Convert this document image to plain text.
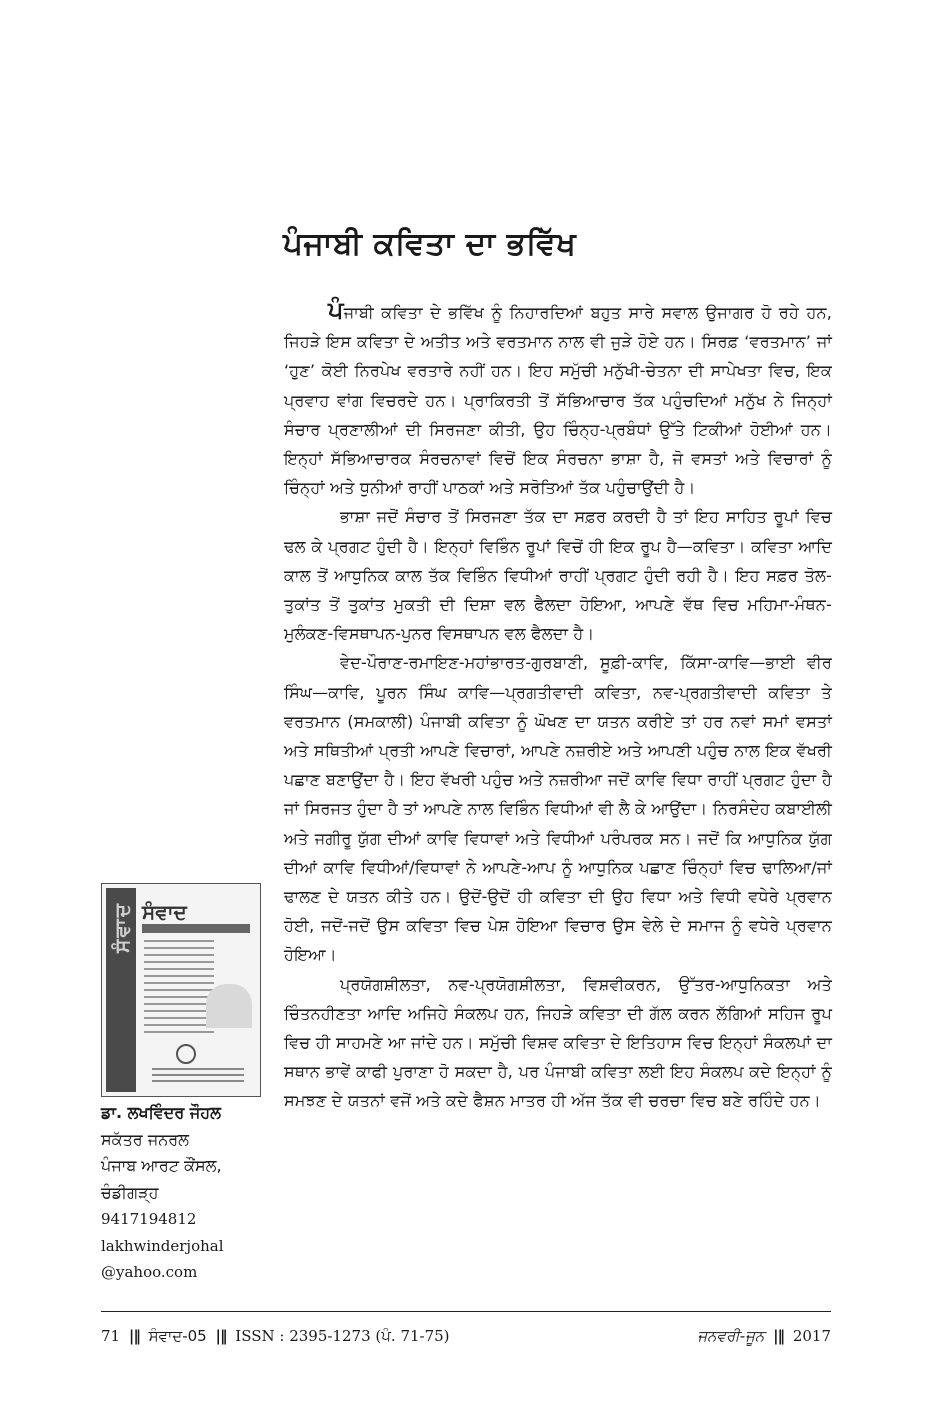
ਪੰਜਾਬੀ ਕਵਿਤਾ ਦਾ ਭਵਿੱਖ

ਪੰਜਾਬੀ ਕਵਿਤਾ ਦੇ ਭਵਿੱਖ ਨੂੰ ਨਿਹਾਰਦਿਆਂ ਬਹੁਤ ਸਾਰੇ ਸਵਾਲ ਉਜਾਗਰ ਹੋ ਰਹੇ ਹਨ, ਜਿਹੜੇ ਇਸ ਕਵਿਤਾ ਦੇ ਅਤੀਤ ਅਤੇ ਵਰਤਮਾਨ ਨਾਲ ਵੀ ਜੁੜੇ ਹੋਏ ਹਨ। ਸਿਰਫ਼ ‘ਵਰਤਮਾਨ’ ਜਾਂ ‘ਹੁਣ’ ਕੋਈ ਨਿਰਪੇਖ ਵਰਤਾਰੇ ਨਹੀਂ ਹਨ। ਇਹ ਸਮੁੱਚੀ ਮਨੁੱਖੀ-ਚੇਤਨਾ ਦੀ ਸਾਪੇਖਤਾ ਵਿਚ, ਇਕ ਪ੍ਰਵਾਹ ਵਾਂਗ ਵਿਚਰਦੇ ਹਨ। ਪ੍ਰਾਕਿਰਤੀ ਤੋਂ ਸੱਭਿਆਚਾਰ ਤੱਕ ਪਹੁੰਚਦਿਆਂ ਮਨੁੱਖ ਨੇ ਜਿਨ੍ਹਾਂ ਸੰਚਾਰ ਪ੍ਰਣਾਲੀਆਂ ਦੀ ਸਿਰਜਣਾ ਕੀਤੀ, ਉਹ ਚਿੰਨ੍ਹ-ਪ੍ਰਬੰਧਾਂ ਉੱਤੇ ਟਿਕੀਆਂ ਹੋਈਆਂ ਹਨ। ਇਨ੍ਹਾਂ ਸੱਭਿਆਚਾਰਕ ਸੰਰਚਨਾਵਾਂ ਵਿਚੋਂ ਇਕ ਸੰਰਚਨਾ ਭਾਸ਼ਾ ਹੈ, ਜੋ ਵਸਤਾਂ ਅਤੇ ਵਿਚਾਰਾਂ ਨੂੰ ਚਿੰਨ੍ਹਾਂ ਅਤੇ ਧੁਨੀਆਂ ਰਾਹੀਂ ਪਾਠਕਾਂ ਅਤੇ ਸਰੋਤਿਆਂ ਤੱਕ ਪਹੁੰਚਾਉਂਦੀ ਹੈ।

ਭਾਸ਼ਾ ਜਦੋਂ ਸੰਚਾਰ ਤੋਂ ਸਿਰਜਣਾ ਤੱਕ ਦਾ ਸਫ਼ਰ ਕਰਦੀ ਹੈ ਤਾਂ ਇਹ ਸਾਹਿਤ ਰੂਪਾਂ ਵਿਚ ਢਲ ਕੇ ਪ੍ਰਗਟ ਹੁੰਦੀ ਹੈ। ਇਨ੍ਹਾਂ ਵਿਭਿੰਨ ਰੂਪਾਂ ਵਿਚੋਂ ਹੀ ਇਕ ਰੂਪ ਹੈ—ਕਵਿਤਾ। ਕਵਿਤਾ ਆਦਿ ਕਾਲ ਤੋਂ ਆਧੁਨਿਕ ਕਾਲ ਤੱਕ ਵਿਭਿੰਨ ਵਿਧੀਆਂ ਰਾਹੀਂ ਪ੍ਰਗਟ ਹੁੰਦੀ ਰਹੀ ਹੈ। ਇਹ ਸਫ਼ਰ ਤੋਲ-ਤੁਕਾਂਤ ਤੋਂ ਤੁਕਾਂਤ ਮੁਕਤੀ ਦੀ ਦਿਸ਼ਾ ਵਲ ਫੈਲਦਾ ਹੋਇਆ, ਆਪਣੇ ਵੱਥ ਵਿਚ ਮਹਿਮਾ-ਮੰਥਨ-ਮੁਲੰਕਣ-ਵਿਸਥਾਪਨ-ਪੁਨਰ ਵਿਸਥਾਪਨ ਵਲ ਫੈਲਦਾ ਹੈ।

ਵੇਦ-ਪੌਰਾਣ-ਰਮਾਇਣ-ਮਹਾਂਭਾਰਤ-ਗੁਰਬਾਣੀ, ਸੂਫ਼ੀ-ਕਾਵਿ, ਕਿੱਸਾ-ਕਾਵਿ—ਭਾਈ ਵੀਰ ਸਿੰਘ—ਕਾਵਿ, ਪੂਰਨ ਸਿੰਘ ਕਾਵਿ—ਪ੍ਰਗਤੀਵਾਦੀ ਕਵਿਤਾ, ਨਵ-ਪ੍ਰਗਤੀਵਾਦੀ ਕਵਿਤਾ ਤੇ ਵਰਤਮਾਨ (ਸਮਕਾਲੀ) ਪੰਜਾਬੀ ਕਵਿਤਾ ਨੂੰ ਘੋਖਣ ਦਾ ਯਤਨ ਕਰੀਏ ਤਾਂ ਹਰ ਨਵਾਂ ਸਮਾਂ ਵਸਤਾਂ ਅਤੇ ਸਥਿਤੀਆਂ ਪ੍ਰਤੀ ਆਪਣੇ ਵਿਚਾਰਾਂ, ਆਪਣੇ ਨਜ਼ਰੀਏ ਅਤੇ ਆਪਣੀ ਪਹੁੰਚ ਨਾਲ ਇਕ ਵੱਖਰੀ ਪਛਾਣ ਬਣਾਉਂਦਾ ਹੈ। ਇਹ ਵੱਖਰੀ ਪਹੁੰਚ ਅਤੇ ਨਜ਼ਰੀਆ ਜਦੋਂ ਕਾਵਿ ਵਿਧਾ ਰਾਹੀਂ ਪ੍ਰਗਟ ਹੁੰਦਾ ਹੈ ਜਾਂ ਸਿਰਜਤ ਹੁੰਦਾ ਹੈ ਤਾਂ ਆਪਣੇ ਨਾਲ ਵਿਭਿੰਨ ਵਿਧੀਆਂ ਵੀ ਲੈ ਕੇ ਆਉਂਦਾ। ਨਿਰਸੰਦੇਹ ਕਬਾਈਲੀ ਅਤੇ ਜਗੀਰੂ ਯੁੱਗ ਦੀਆਂ ਕਾਵਿ ਵਿਧਾਵਾਂ ਅਤੇ ਵਿਧੀਆਂ ਪਰੰਪਰਕ ਸਨ। ਜਦੋਂ ਕਿ ਆਧੁਨਿਕ ਯੁੱਗ ਦੀਆਂ ਕਾਵਿ ਵਿਧੀਆਂ/ਵਿਧਾਵਾਂ ਨੇ ਆਪਣੇ-ਆਪ ਨੂੰ ਆਧੁਨਿਕ ਪਛਾਣ ਚਿੰਨ੍ਹਾਂ ਵਿਚ ਢਾਲਿਆ/ਜਾਂ ਢਾਲਣ ਦੇ ਯਤਨ ਕੀਤੇ ਹਨ। ਉਦੋਂ-ਉਦੋਂ ਹੀ ਕਵਿਤਾ ਦੀ ਉਹ ਵਿਧਾ ਅਤੇ ਵਿਧੀ ਵਧੇਰੇ ਪ੍ਰਵਾਨ ਹੋਈ, ਜਦੋਂ-ਜਦੋਂ ਉਸ ਕਵਿਤਾ ਵਿਚ ਪੇਸ਼ ਹੋਇਆ ਵਿਚਾਰ ਉਸ ਵੇਲੇ ਦੇ ਸਮਾਜ ਨੂੰ ਵਧੇਰੇ ਪ੍ਰਵਾਨ ਹੋਇਆ।

ਪ੍ਰਯੋਗਸ਼ੀਲਤਾ, ਨਵ-ਪ੍ਰਯੋਗਸ਼ੀਲਤਾ, ਵਿਸ਼ਵੀਕਰਨ, ਉੱਤਰ-ਆਧੁਨਿਕਤਾ ਅਤੇ ਚਿੰਤਨਹੀਣਤਾ ਆਦਿ ਅਜਿਹੇ ਸੰਕਲਪ ਹਨ, ਜਿਹੜੇ ਕਵਿਤਾ ਦੀ ਗੱਲ ਕਰਨ ਲੱਗਿਆਂ ਸਹਿਜ ਰੂਪ ਵਿਚ ਹੀ ਸਾਹਮਣੇ ਆ ਜਾਂਦੇ ਹਨ। ਸਮੁੱਚੀ ਵਿਸ਼ਵ ਕਵਿਤਾ ਦੇ ਇਤਿਹਾਸ ਵਿਚ ਇਨ੍ਹਾਂ ਸੰਕਲਪਾਂ ਦਾ ਸਥਾਨ ਭਾਵੇਂ ਕਾਫੀ ਪੁਰਾਣਾ ਹੋ ਸਕਦਾ ਹੈ, ਪਰ ਪੰਜਾਬੀ ਕਵਿਤਾ ਲਈ ਇਹ ਸੰਕਲਪ ਕਦੇ ਇਨ੍ਹਾਂ ਨੂੰ ਸਮਝਣ ਦੇ ਯਤਨਾਂ ਵਜੋਂ ਅਤੇ ਕਦੇ ਫੈਸ਼ਨ ਮਾਤਰ ਹੀ ਅੱਜ ਤੱਕ ਵੀ ਚਰਚਾ ਵਿਚ ਬਣੇ ਰਹਿੰਦੇ ਹਨ।

ਸੰਵਾਦ ਸੰਵਾਦ
ਡਾ. ਲਖਵਿੰਦਰ ਜੌਹਲ
ਸਕੱਤਰ ਜਨਰਲ
ਪੰਜਾਬ ਆਰਟ ਕੌਂਸਲ,
ਚੰਡੀਗੜ੍ਹ
9417194812
lakhwinderjohal
@yahoo.com
71 |‖ ਸੰਵਾਦ-05 |‖ ISSN : 2395-1273 (ਪੰ. 71-75)	ਜਨਵਰੀ-ਜੂਨ |‖ 2017
